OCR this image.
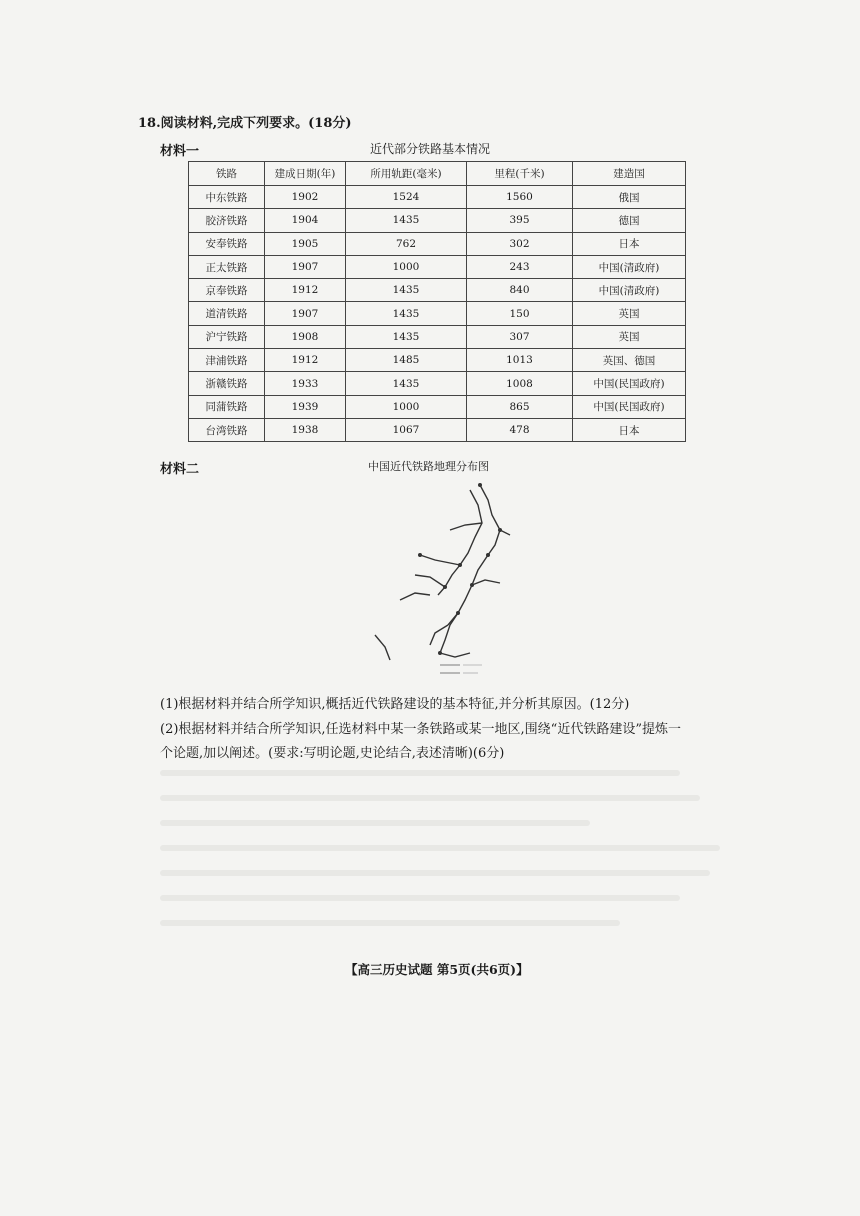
18.阅读材料,完成下列要求。(18分)
材料一	近代部分铁路基本情况
铁路	建成日期(年)	所用轨距(毫米)	里程(千米)	建造国
中东铁路	1902	1524	1560	俄国
胶济铁路	1904	1435	395	德国
安奉铁路	1905	762	302	日本
正太铁路	1907	1000	243	中国(清政府)
京奉铁路	1912	1435	840	中国(清政府)
道清铁路	1907	1435	150	英国
沪宁铁路	1908	1435	307	英国
津浦铁路	1912	1485	1013	英国、德国
浙赣铁路	1933	1435	1008	中国(民国政府)
同蒲铁路	1939	1000	865	中国(民国政府)
台湾铁路	1938	1067	478	日本
材料二	中国近代铁路地理分布图
(1)根据材料并结合所学知识,概括近代铁路建设的基本特征,并分析其原因。(12分)
(2)根据材料并结合所学知识,任选材料中某一条铁路或某一地区,围绕“近代铁路建设”提炼一
个论题,加以阐述。(要求:写明论题,史论结合,表述清晰)(6分)
【高三历史试题 第5页(共6页)】
